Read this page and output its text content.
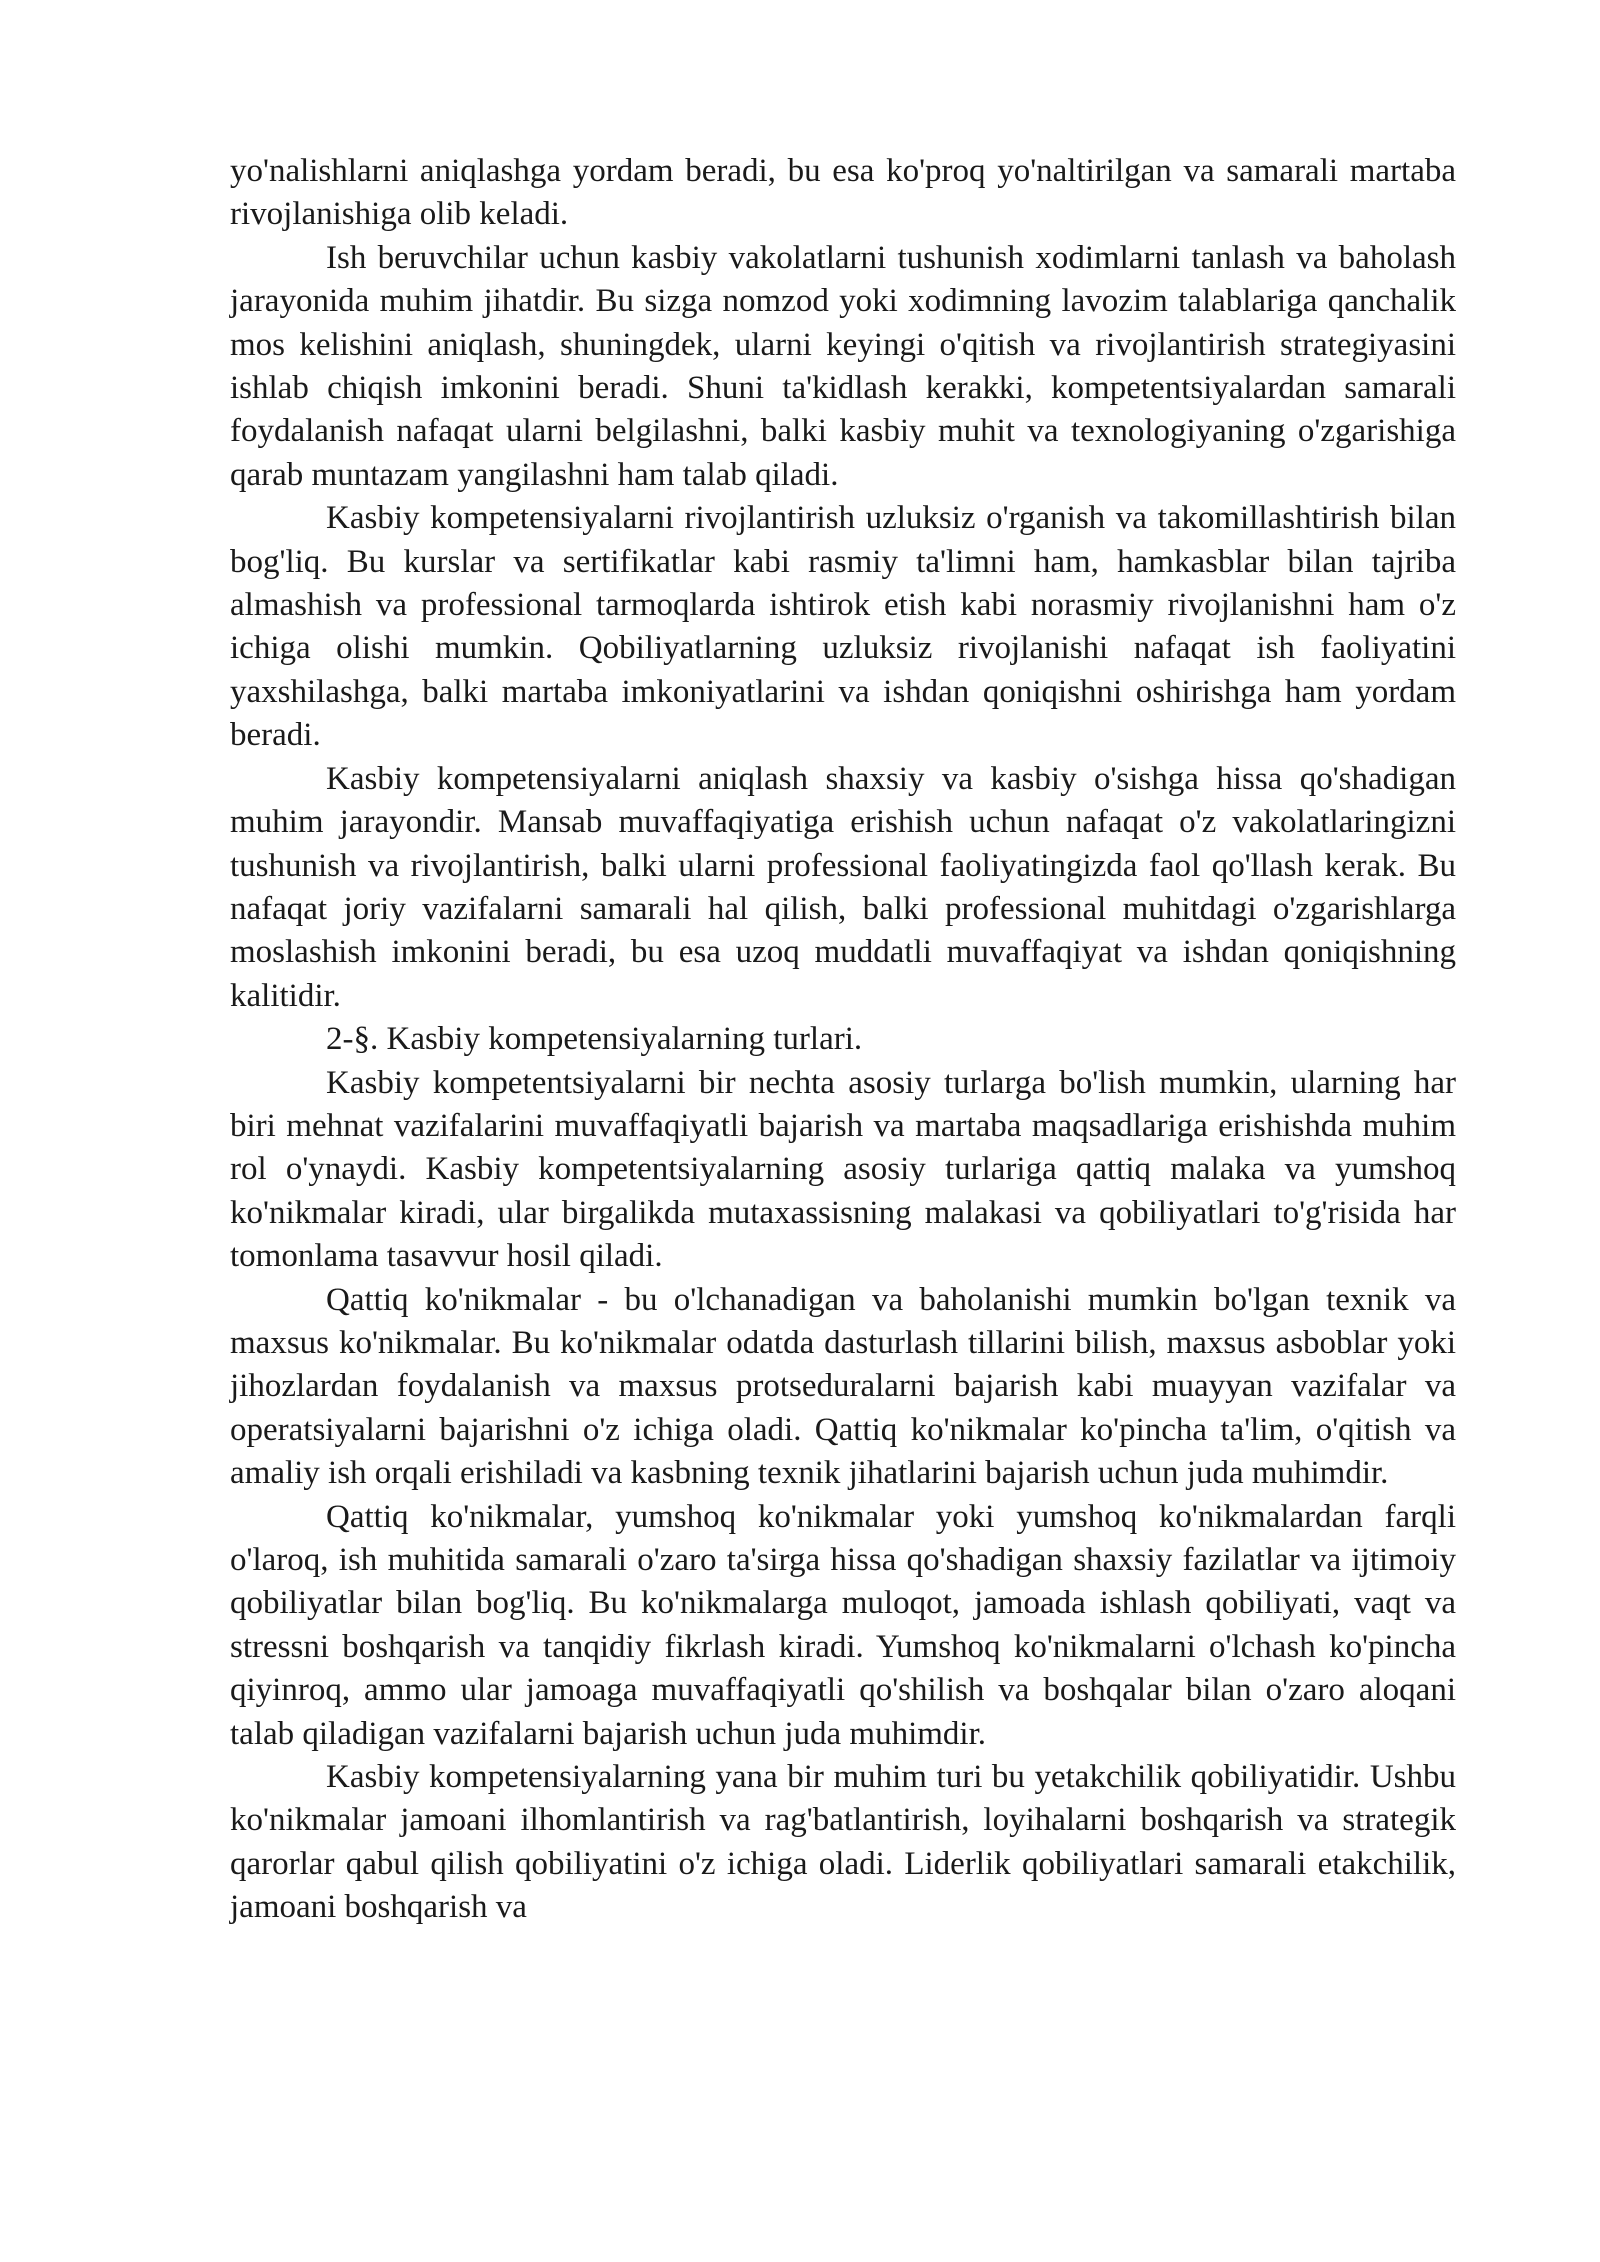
yo'nalishlarni aniqlashga yordam beradi, bu esa ko'proq yo'naltirilgan va samarali martaba rivojlanishiga olib keladi.

Ish beruvchilar uchun kasbiy vakolatlarni tushunish xodimlarni tanlash va baholash jarayonida muhim jihatdir. Bu sizga nomzod yoki xodimning lavozim talablariga qanchalik mos kelishini aniqlash, shuningdek, ularni keyingi o'qitish va rivojlantirish strategiyasini ishlab chiqish imkonini beradi. Shuni ta'kidlash kerakki, kompetentsiyalardan samarali foydalanish nafaqat ularni belgilashni, balki kasbiy muhit va texnologiyaning o'zgarishiga qarab muntazam yangilashni ham talab qiladi.

Kasbiy kompetensiyalarni rivojlantirish uzluksiz o'rganish va takomillashtirish bilan bog'liq. Bu kurslar va sertifikatlar kabi rasmiy ta'limni ham, hamkasblar bilan tajriba almashish va professional tarmoqlarda ishtirok etish kabi norasmiy rivojlanishni ham o'z ichiga olishi mumkin. Qobiliyatlarning uzluksiz rivojlanishi nafaqat ish faoliyatini yaxshilashga, balki martaba imkoniyatlarini va ishdan qoniqishni oshirishga ham yordam beradi.

Kasbiy kompetensiyalarni aniqlash shaxsiy va kasbiy o'sishga hissa qo'shadigan muhim jarayondir. Mansab muvaffaqiyatiga erishish uchun nafaqat o'z vakolatlaringizni tushunish va rivojlantirish, balki ularni professional faoliyatingizda faol qo'llash kerak. Bu nafaqat joriy vazifalarni samarali hal qilish, balki professional muhitdagi o'zgarishlarga moslashish imkonini beradi, bu esa uzoq muddatli muvaffaqiyat va ishdan qoniqishning kalitidir.

2-§. Kasbiy kompetensiyalarning turlari.

Kasbiy kompetentsiyalarni bir nechta asosiy turlarga bo'lish mumkin, ularning har biri mehnat vazifalarini muvaffaqiyatli bajarish va martaba maqsadlariga erishishda muhim rol o'ynaydi. Kasbiy kompetentsiyalarning asosiy turlariga qattiq malaka va yumshoq ko'nikmalar kiradi, ular birgalikda mutaxassisning malakasi va qobiliyatlari to'g'risida har tomonlama tasavvur hosil qiladi.

Qattiq ko'nikmalar - bu o'lchanadigan va baholanishi mumkin bo'lgan texnik va maxsus ko'nikmalar. Bu ko'nikmalar odatda dasturlash tillarini bilish, maxsus asboblar yoki jihozlardan foydalanish va maxsus protseduralarni bajarish kabi muayyan vazifalar va operatsiyalarni bajarishni o'z ichiga oladi. Qattiq ko'nikmalar ko'pincha ta'lim, o'qitish va amaliy ish orqali erishiladi va kasbning texnik jihatlarini bajarish uchun juda muhimdir.

Qattiq ko'nikmalar, yumshoq ko'nikmalar yoki yumshoq ko'nikmalardan farqli o'laroq, ish muhitida samarali o'zaro ta'sirga hissa qo'shadigan shaxsiy fazilatlar va ijtimoiy qobiliyatlar bilan bog'liq. Bu ko'nikmalarga muloqot, jamoada ishlash qobiliyati, vaqt va stressni boshqarish va tanqidiy fikrlash kiradi. Yumshoq ko'nikmalarni o'lchash ko'pincha qiyinroq, ammo ular jamoaga muvaffaqiyatli qo'shilish va boshqalar bilan o'zaro aloqani talab qiladigan vazifalarni bajarish uchun juda muhimdir.

Kasbiy kompetensiyalarning yana bir muhim turi bu yetakchilik qobiliyatidir. Ushbu ko'nikmalar jamoani ilhomlantirish va rag'batlantirish, loyihalarni boshqarish va strategik qarorlar qabul qilish qobiliyatini o'z ichiga oladi. Liderlik qobiliyatlari samarali etakchilik, jamoani boshqarish va
